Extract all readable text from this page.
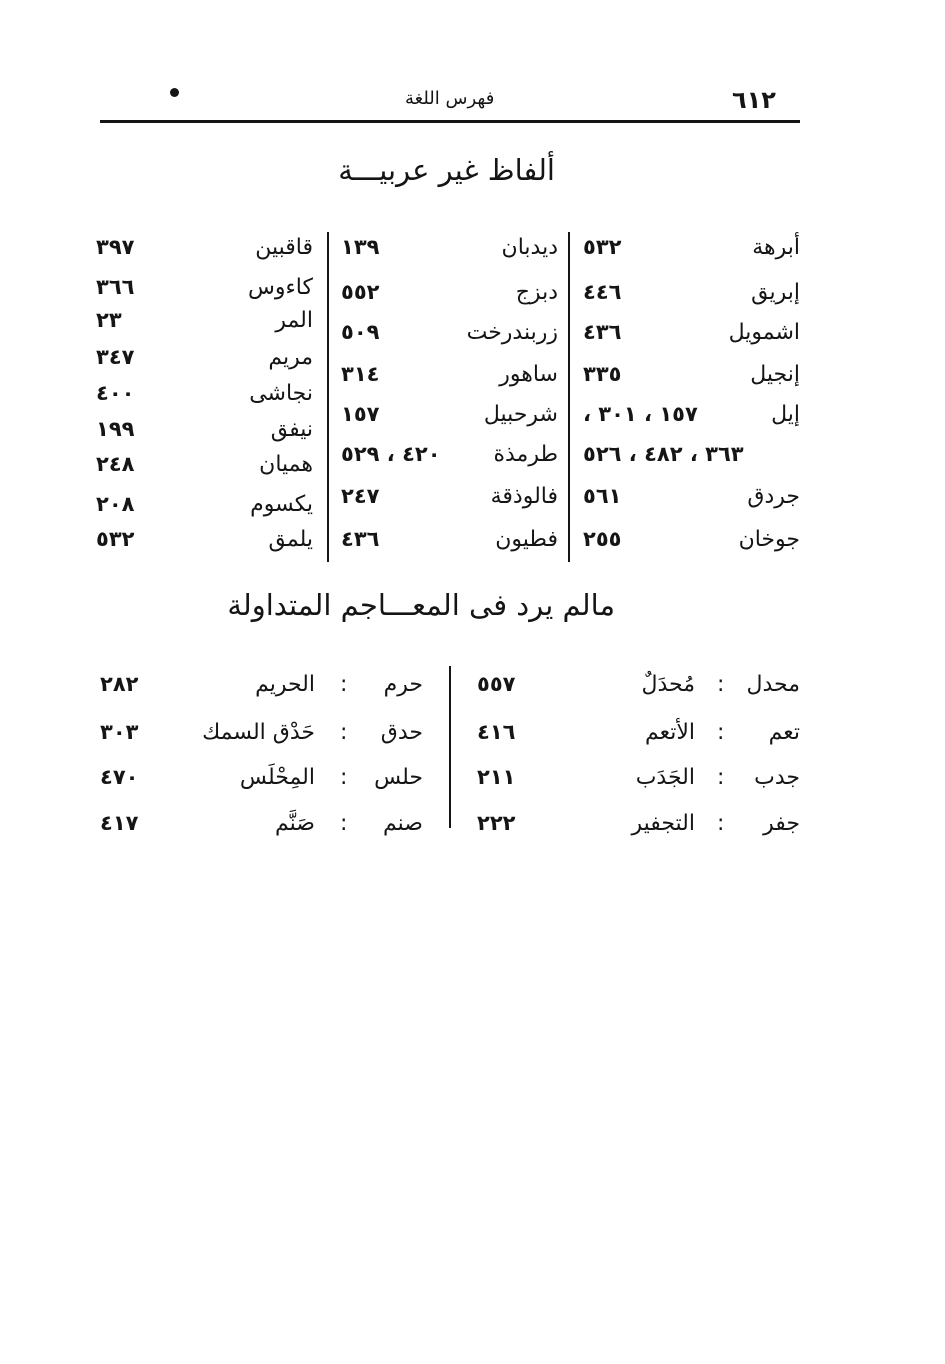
٦١٢
فهرس اللغة
ألفاظ غير عربيـــة
أبرهة
٥٣٢
إبريق
٤٤٦
اشمويل
٤٣٦
إنجيل
٣٣٥
إيل
١٥٧ ، ٣٠١ ،
٣٦٣ ، ٤٨٢ ، ٥٢٦
جردق
٥٦١
جوخان
٢٥٥
ديدبان
١٣٩
دبزج
٥٥٢
زربندرخت
٥٠٩
ساهور
٣١٤
شرحبيل
١٥٧
طرمذة
٤٢٠ ، ٥٢٩
فالوذقة
٢٤٧
فطيون
٤٣٦
قاقبين
٣٩٧
كاءوس
٣٦٦
المر
٢٣
مريم
٣٤٧
نجاشى
٤٠٠
نيفق
١٩٩
هميان
٢٤٨
يكسوم
٢٠٨
يلمق
٥٣٢
مالم يرد فى المعـــاجم المتداولة
محدل
:
مُحدَلٌ
٥٥٧
تعم
:
الأتعم
٤١٦
جدب
:
الجَدَب
٢١١
جفر
:
التجفير
٢٢٢
حرم
:
الحريم
٢٨٢
حدق
:
حَدْق السمك
٣٠٣
حلس
:
المِحْلَس
٤٧٠
صنم
:
صَنَّم
٤١٧
